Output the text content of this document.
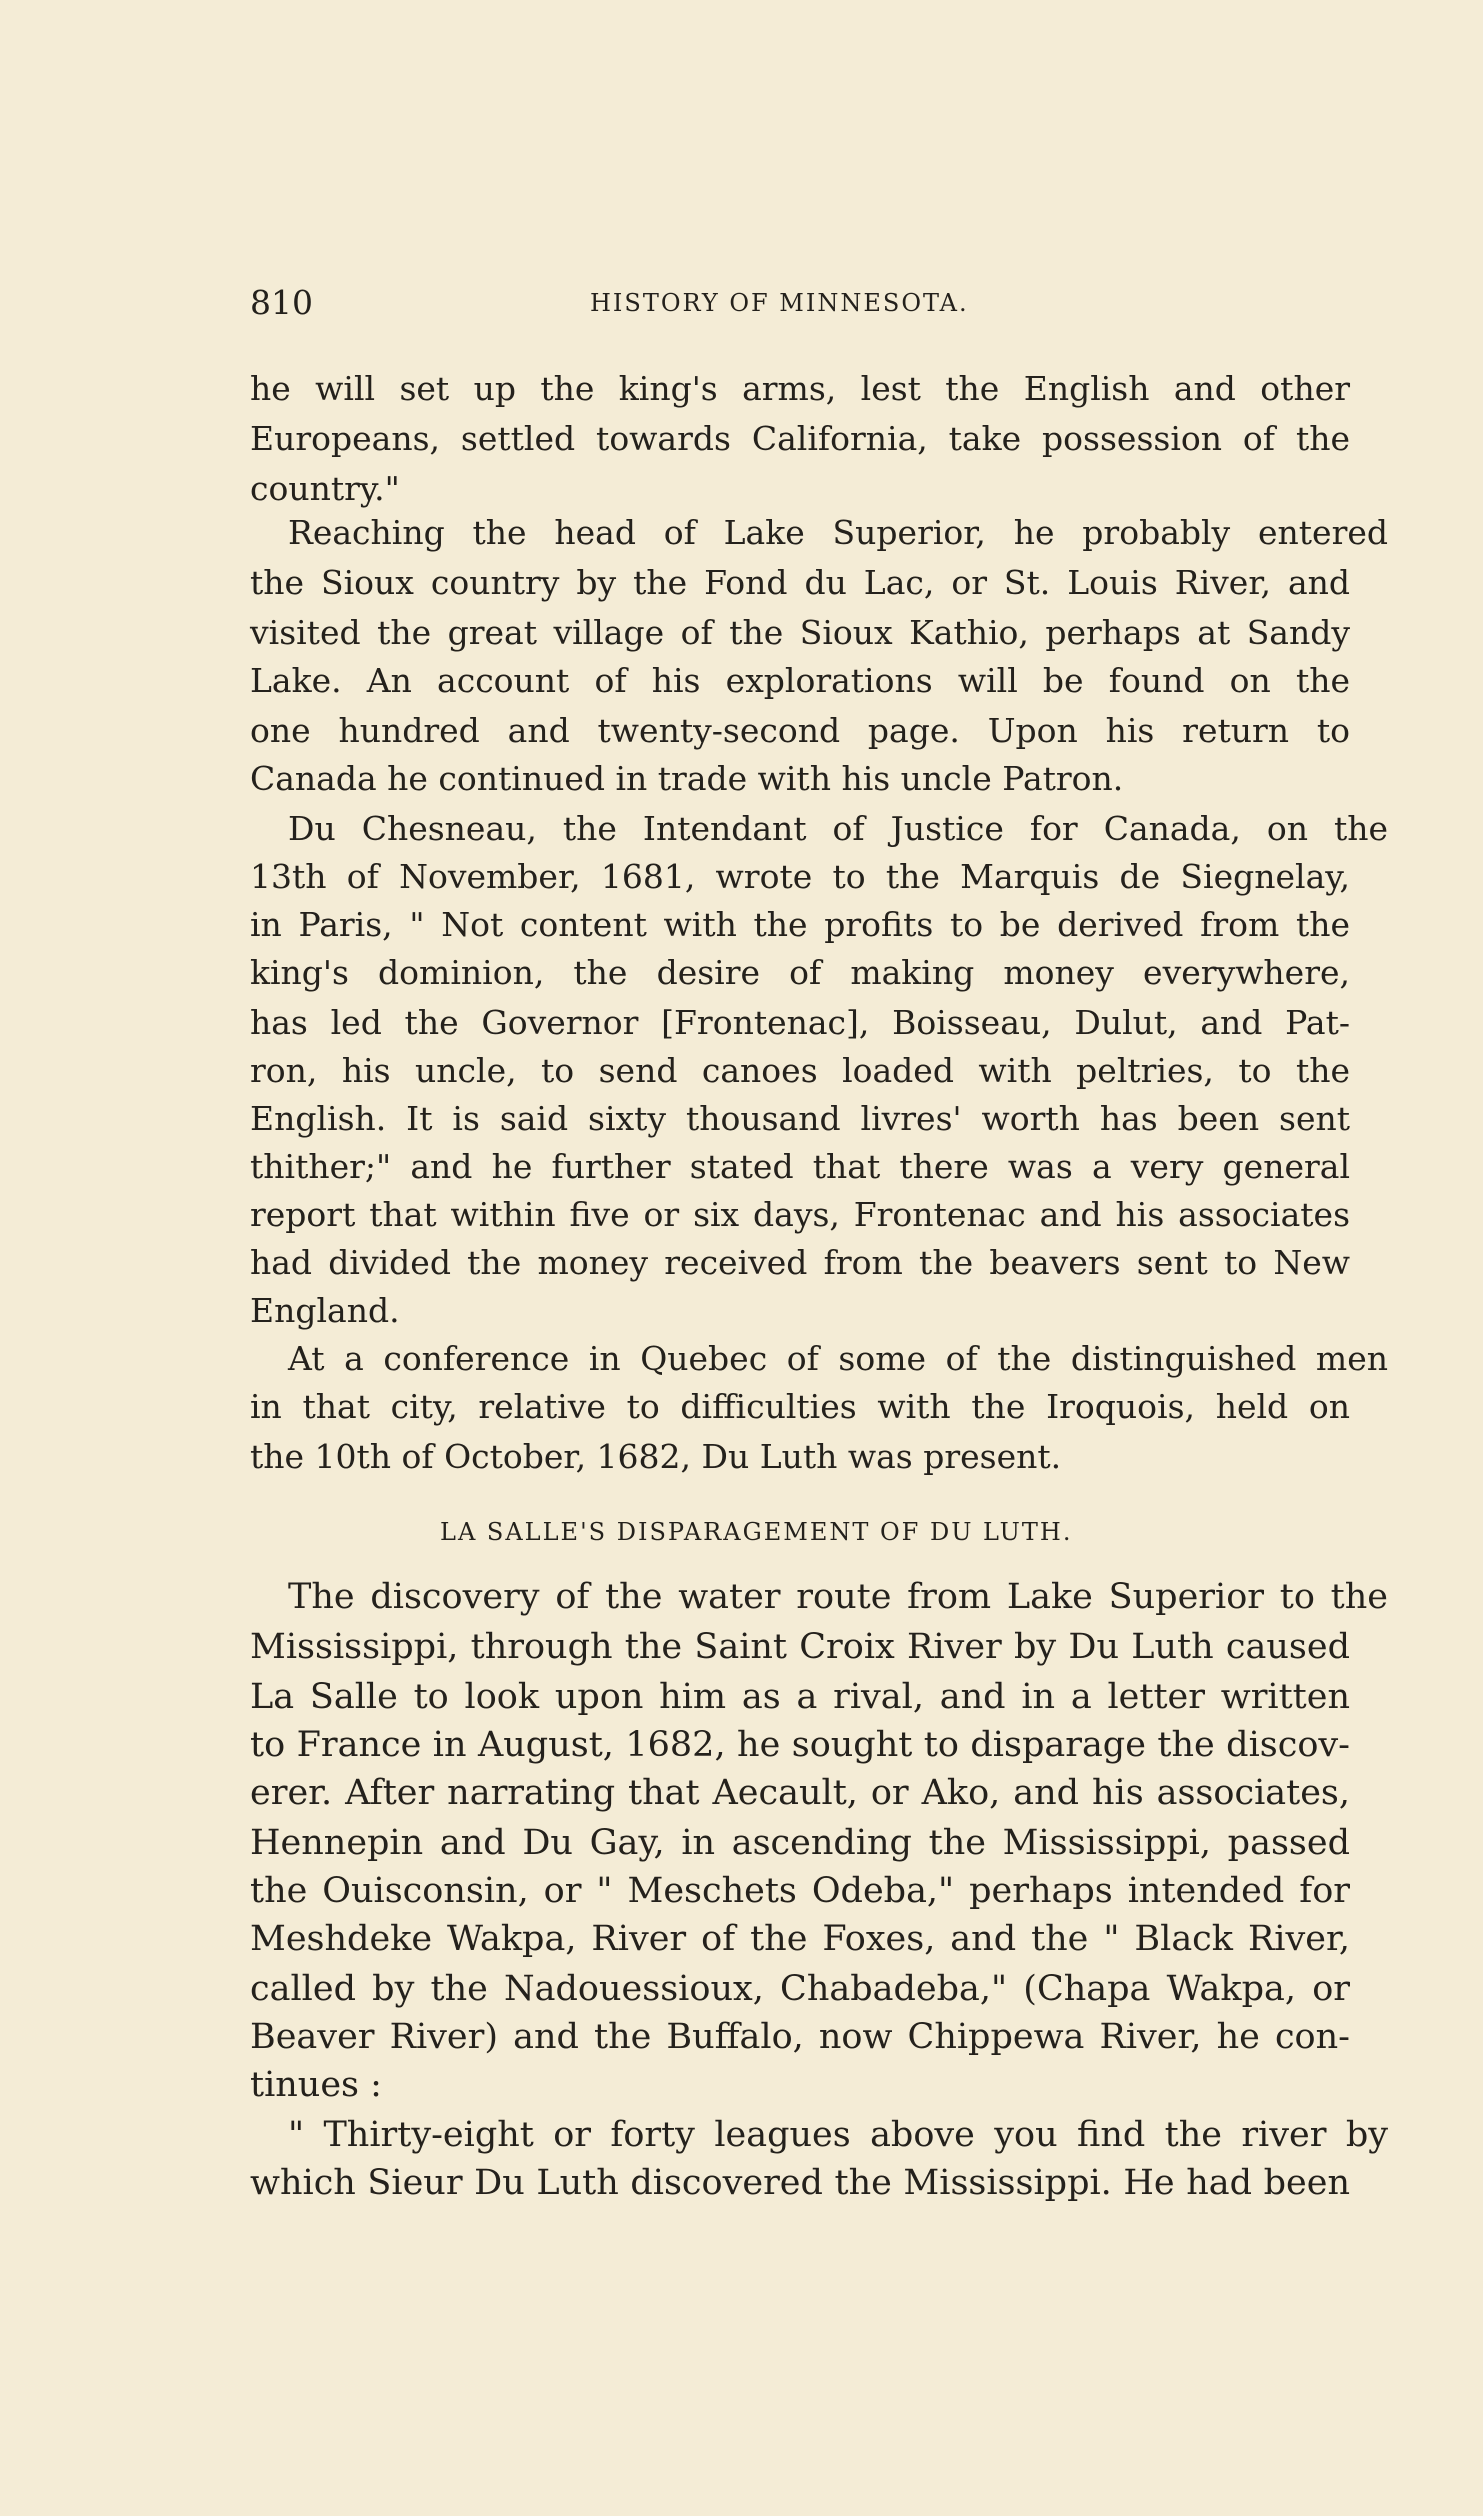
810	HISTORY OF MINNESOTA.
he will set up the king's arms, lest the English and other
Europeans, settled towards California, take possession of the
country."
Reaching the head of Lake Superior, he probably entered
the Sioux country by the Fond du Lac, or St. Louis River, and
visited the great village of the Sioux Kathio, perhaps at Sandy
Lake. An account of his explorations will be found on the
one hundred and twenty-second page. Upon his return to
Canada he continued in trade with his uncle Patron.
Du Chesneau, the Intendant of Justice for Canada, on the
13th of November, 1681, wrote to the Marquis de Siegnelay,
in Paris, " Not content with the profits to be derived from the
king's dominion, the desire of making money everywhere,
has led the Governor [Frontenac], Boisseau, Dulut, and Pat-
ron, his uncle, to send canoes loaded with peltries, to the
English. It is said sixty thousand livres' worth has been sent
thither;" and he further stated that there was a very general
report that within five or six days, Frontenac and his associates
had divided the money received from the beavers sent to New
England.
At a conference in Quebec of some of the distinguished men
in that city, relative to difficulties with the Iroquois, held on
the 10th of October, 1682, Du Luth was present.
LA SALLE'S DISPARAGEMENT OF DU LUTH.
The discovery of the water route from Lake Superior to the
Mississippi, through the Saint Croix River by Du Luth caused
La Salle to look upon him as a rival, and in a letter written
to France in August, 1682, he sought to disparage the discov-
erer. After narrating that Aecault, or Ako, and his associates,
Hennepin and Du Gay, in ascending the Mississippi, passed
the Ouisconsin, or " Meschets Odeba," perhaps intended for
Meshdeke Wakpa, River of the Foxes, and the " Black River,
called by the Nadouessioux, Chabadeba," (Chapa Wakpa, or
Beaver River) and the Buffalo, now Chippewa River, he con-
tinues :
" Thirty-eight or forty leagues above you find the river by
which Sieur Du Luth discovered the Mississippi. He had been
